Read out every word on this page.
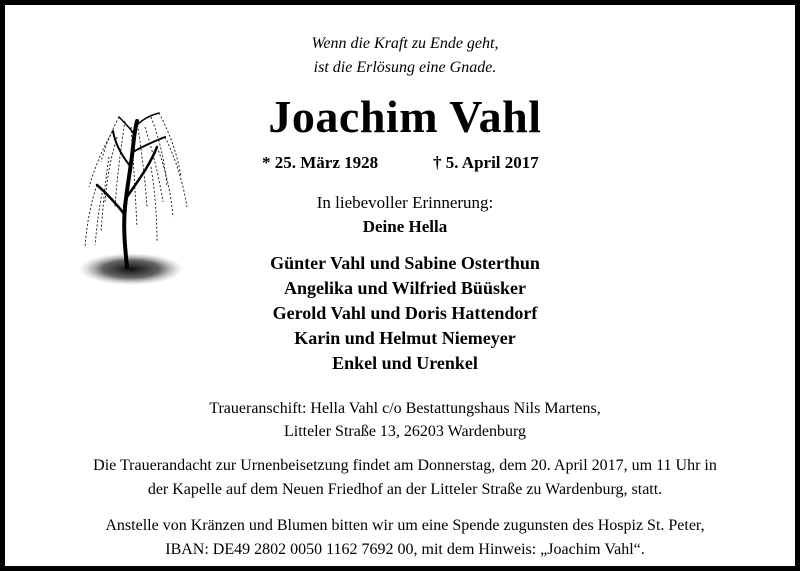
Wenn die Kraft zu Ende geht,
ist die Erlösung eine Gnade.
Joachim Vahl
* 25. März 1928	† 5. April 2017
In liebevoller Erinnerung:
Deine Hella
Günter Vahl und Sabine Osterthun
Angelika und Wilfried Büüsker
Gerold Vahl und Doris Hattendorf
Karin und Helmut Niemeyer
Enkel und Urenkel
Traueranschift: Hella Vahl c/o Bestattungshaus Nils Martens,
Litteler Straße 13, 26203 Wardenburg
Die Trauerandacht zur Urnenbeisetzung findet am Donnerstag, dem 20. April 2017, um 11 Uhr in
der Kapelle auf dem Neuen Friedhof an der Litteler Straße zu Wardenburg, statt.
Anstelle von Kränzen und Blumen bitten wir um eine Spende zugunsten des Hospiz St. Peter,
IBAN: DE49 2802 0050 1162 7692 00, mit dem Hinweis: „Joachim Vahl“.
